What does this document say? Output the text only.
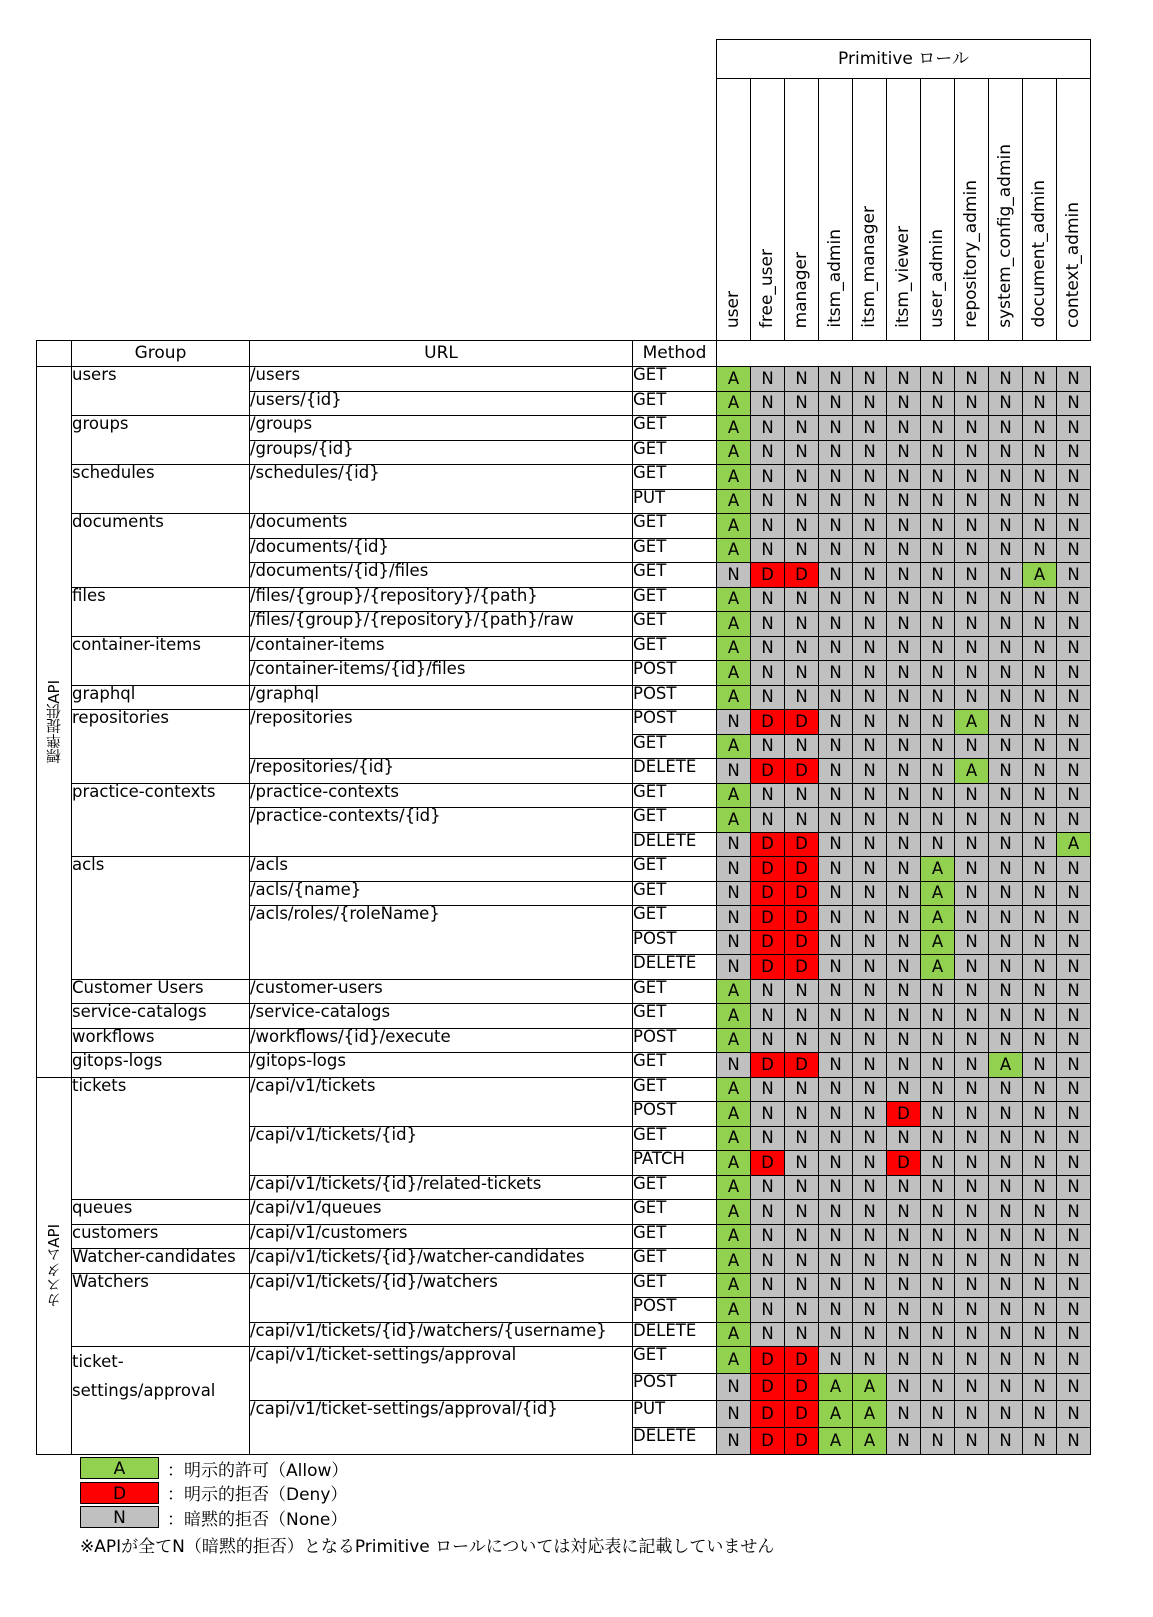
				Primitive ロール										

				user	free_user	manager	itsm_admin	itsm_manager	itsm_viewer	user_admin	repository_admin	system_config_admin	document_admin	context_admin

	Group	URL	Method											

標準提供API	users	/users	GET	A	N	N	N	N	N	N	N	N	N	N
		/users/{id}	GET	A	N	N	N	N	N	N	N	N	N	N
	groups	/groups	GET	A	N	N	N	N	N	N	N	N	N	N
		/groups/{id}	GET	A	N	N	N	N	N	N	N	N	N	N
	schedules	/schedules/{id}	GET	A	N	N	N	N	N	N	N	N	N	N
			PUT	A	N	N	N	N	N	N	N	N	N	N
	documents	/documents	GET	A	N	N	N	N	N	N	N	N	N	N
		/documents/{id}	GET	A	N	N	N	N	N	N	N	N	N	N
		/documents/{id}/files	GET	N	D	D	N	N	N	N	N	N	A	N
	files	/files/{group}/{repository}/{path}	GET	A	N	N	N	N	N	N	N	N	N	N
		/files/{group}/{repository}/{path}/raw	GET	A	N	N	N	N	N	N	N	N	N	N
	container-items	/container-items	GET	A	N	N	N	N	N	N	N	N	N	N
		/container-items/{id}/files	POST	A	N	N	N	N	N	N	N	N	N	N
	graphql	/graphql	POST	A	N	N	N	N	N	N	N	N	N	N
	repositories	/repositories	POST	N	D	D	N	N	N	N	A	N	N	N
			GET	A	N	N	N	N	N	N	N	N	N	N
		/repositories/{id}	DELETE	N	D	D	N	N	N	N	A	N	N	N
	practice-contexts	/practice-contexts	GET	A	N	N	N	N	N	N	N	N	N	N
		/practice-contexts/{id}	GET	A	N	N	N	N	N	N	N	N	N	N
			DELETE	N	D	D	N	N	N	N	N	N	N	A
	acls	/acls	GET	N	D	D	N	N	N	A	N	N	N	N
		/acls/{name}	GET	N	D	D	N	N	N	A	N	N	N	N
		/acls/roles/{roleName}	GET	N	D	D	N	N	N	A	N	N	N	N
			POST	N	D	D	N	N	N	A	N	N	N	N
			DELETE	N	D	D	N	N	N	A	N	N	N	N
	Customer Users	/customer-users	GET	A	N	N	N	N	N	N	N	N	N	N
	service-catalogs	/service-catalogs	GET	A	N	N	N	N	N	N	N	N	N	N
	workflows	/workflows/{id}/execute	POST	A	N	N	N	N	N	N	N	N	N	N
	gitops-logs	/gitops-logs	GET	N	D	D	N	N	N	N	N	A	N	N

カスタムAPI	tickets	/capi/v1/tickets	GET	A	N	N	N	N	N	N	N	N	N	N
			POST	A	N	N	N	N	D	N	N	N	N	N
		/capi/v1/tickets/{id}	GET	A	N	N	N	N	N	N	N	N	N	N
			PATCH	A	D	N	N	N	D	N	N	N	N	N
		/capi/v1/tickets/{id}/related-tickets	GET	A	N	N	N	N	N	N	N	N	N	N
	queues	/capi/v1/queues	GET	A	N	N	N	N	N	N	N	N	N	N
	customers	/capi/v1/customers	GET	A	N	N	N	N	N	N	N	N	N	N
	Watcher-candidates	/capi/v1/tickets/{id}/watcher-candidates	GET	A	N	N	N	N	N	N	N	N	N	N
	Watchers	/capi/v1/tickets/{id}/watchers	GET	A	N	N	N	N	N	N	N	N	N	N
			POST	A	N	N	N	N	N	N	N	N	N	N
		/capi/v1/tickets/{id}/watchers/{username}	DELETE	A	N	N	N	N	N	N	N	N	N	N
	ticket-settings/approval	/capi/v1/ticket-settings/approval	GET	A	D	D	N	N	N	N	N	N	N	N
			POST	N	D	D	A	A	N	N	N	N	N	N
		/capi/v1/ticket-settings/approval/{id}	PUT	N	D	D	A	A	N	N	N	N	N	N
			DELETE	N	D	D	A	A	N	N	N	N	N	N
A	：明示的許可（Allow）
D	：明示的拒否（Deny）
N	：暗黙的拒否（None）
※APIが全てN（暗黙的拒否）となるPrimitive ロールについては対応表に記載していません
